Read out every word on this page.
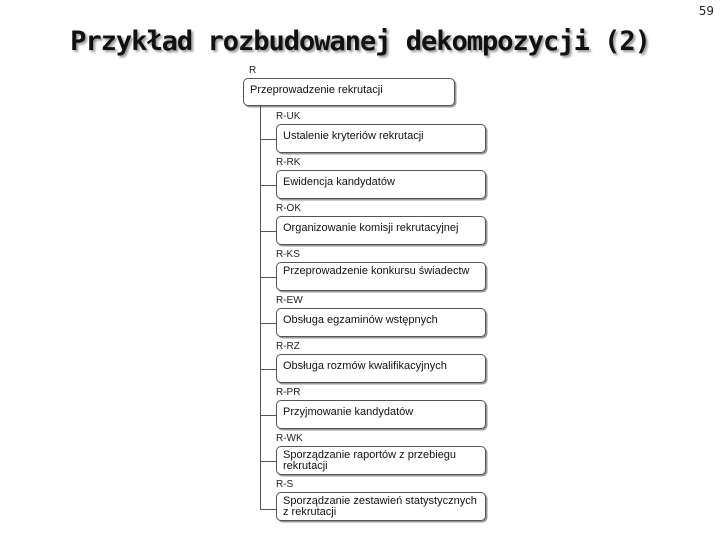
59
Przykład rozbudowanej dekompozycji (2)
R
Przeprowadzenie rekrutacji
R-UK
Ustalenie kryteriów rekrutacji
R-RK
Ewidencja kandydatów
R-OK
Organizowanie komisji rekrutacyjnej
R-KS
Przeprowadzenie konkursu świadectw
R-EW
Obsługa egzaminów wstępnych
R-RZ
Obsługa rozmów kwalifikacyjnych
R-PR
Przyjmowanie kandydatów
R-WK
Sporządzanie raportów z przebiegu rekrutacji
R-S
Sporządzanie zestawień statystycznych z rekrutacji
